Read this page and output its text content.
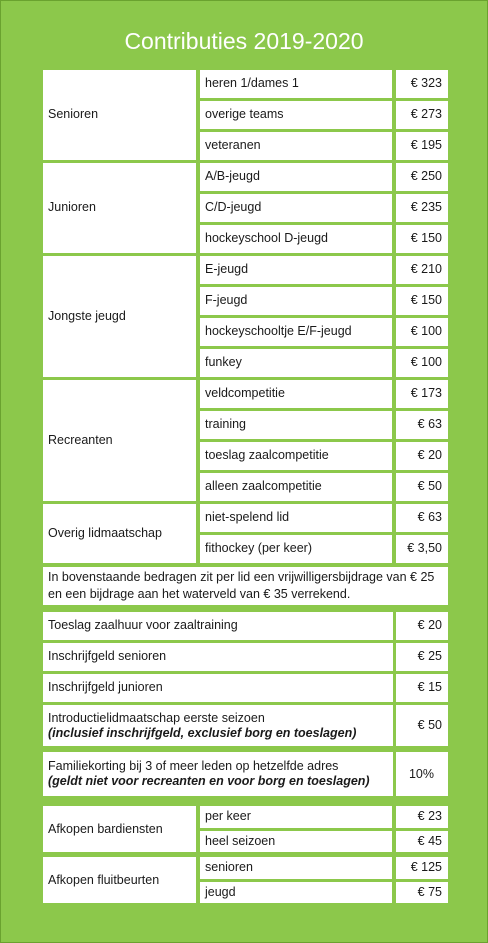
Contributies 2019-2020
Senioren
heren 1/dames 1	€ 323
overige teams	€ 273
veteranen	€ 195
Junioren
A/B-jeugd	€ 250
C/D-jeugd	€ 235
hockeyschool D-jeugd	€ 150
Jongste jeugd
E-jeugd	€ 210
F-jeugd	€ 150
hockeyschooltje E/F-jeugd	€ 100
funkey	€ 100
Recreanten
veldcompetitie	€ 173
training	€ 63
toeslag zaalcompetitie	€ 20
alleen zaalcompetitie	€ 50
Overig lidmaatschap
niet-spelend lid	€ 63
fithockey (per keer)	€ 3,50
In bovenstaande bedragen zit per lid een vrijwilligersbijdrage van € 25 en een bijdrage aan het waterveld van € 35 verrekend.
Toeslag zaalhuur voor zaaltraining	€ 20
Inschrijfgeld senioren	€ 25
Inschrijfgeld junioren	€ 15
Introductielidmaatschap eerste seizoen
(inclusief inschrijfgeld, exclusief borg en toeslagen)
€ 50
Familiekorting bij 3 of meer leden op hetzelfde adres
(geldt niet voor recreanten en voor borg en toeslagen)
10%
Afkopen bardiensten
per keer	€ 23
heel seizoen	€ 45
Afkopen fluitbeurten
senioren	€ 125
jeugd	€ 75
